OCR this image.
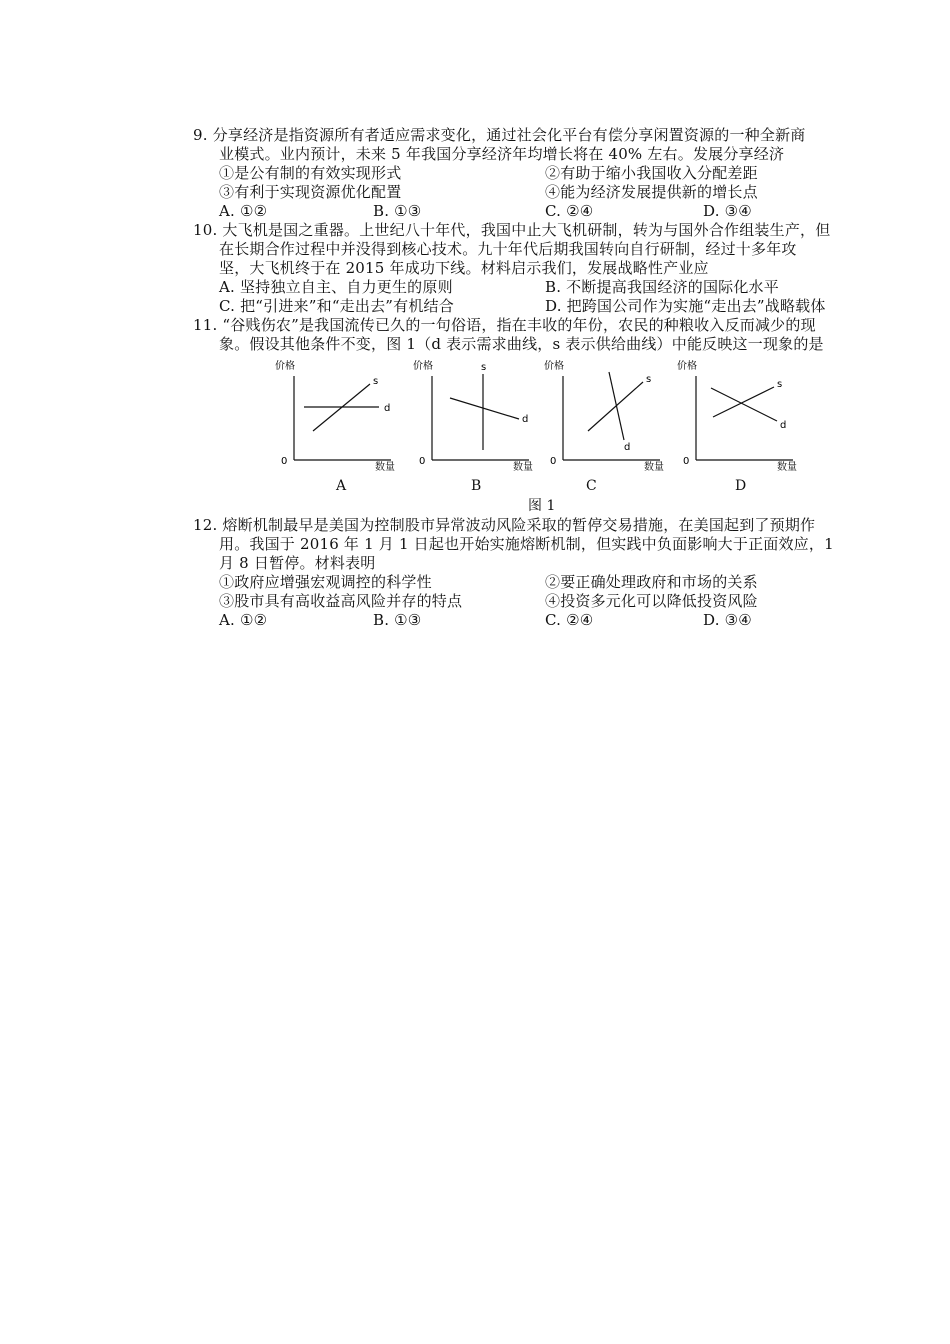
9. 分享经济是指资源所有者适应需求变化，通过社会化平台有偿分享闲置资源的一种全新商
业模式。业内预计，未来 5 年我国分享经济年均增长将在 40% 左右。发展分享经济
①是公有制的有效实现形式	②有助于缩小我国收入分配差距
③有利于实现资源优化配置	④能为经济发展提供新的增长点
A. ①②	B. ①③	C. ②④	D. ③④
10. 大飞机是国之重器。上世纪八十年代，我国中止大飞机研制，转为与国外合作组装生产，但
在长期合作过程中并没得到核心技术。九十年代后期我国转向自行研制，经过十多年攻
坚，大飞机终于在 2015 年成功下线。材料启示我们，发展战略性产业应
A. 坚持独立自主、自力更生的原则	B. 不断提高我国经济的国际化水平
C. 把“引进来”和“走出去”有机结合	D. 把跨国公司作为实施“走出去”战略载体
11. “谷贱伤农”是我国流传已久的一句俗语，指在丰收的年份，农民的种粮收入反而减少的现
象。假设其他条件不变，图 1（d 表示需求曲线，s 表示供给曲线）中能反映这一现象的是
价格
0
数量
s
d
A
价格
0
数量
s
d
B
价格
0
数量
s
d
C
价格
0
数量
s
d
D
图 1
12. 熔断机制最早是美国为控制股市异常波动风险采取的暂停交易措施，在美国起到了预期作
用。我国于 2016 年 1 月 1 日起也开始实施熔断机制，但实践中负面影响大于正面效应，1
月 8 日暂停。材料表明
①政府应增强宏观调控的科学性	②要正确处理政府和市场的关系
③股市具有高收益高风险并存的特点	④投资多元化可以降低投资风险
A. ①②	B. ①③	C. ②④	D. ③④
